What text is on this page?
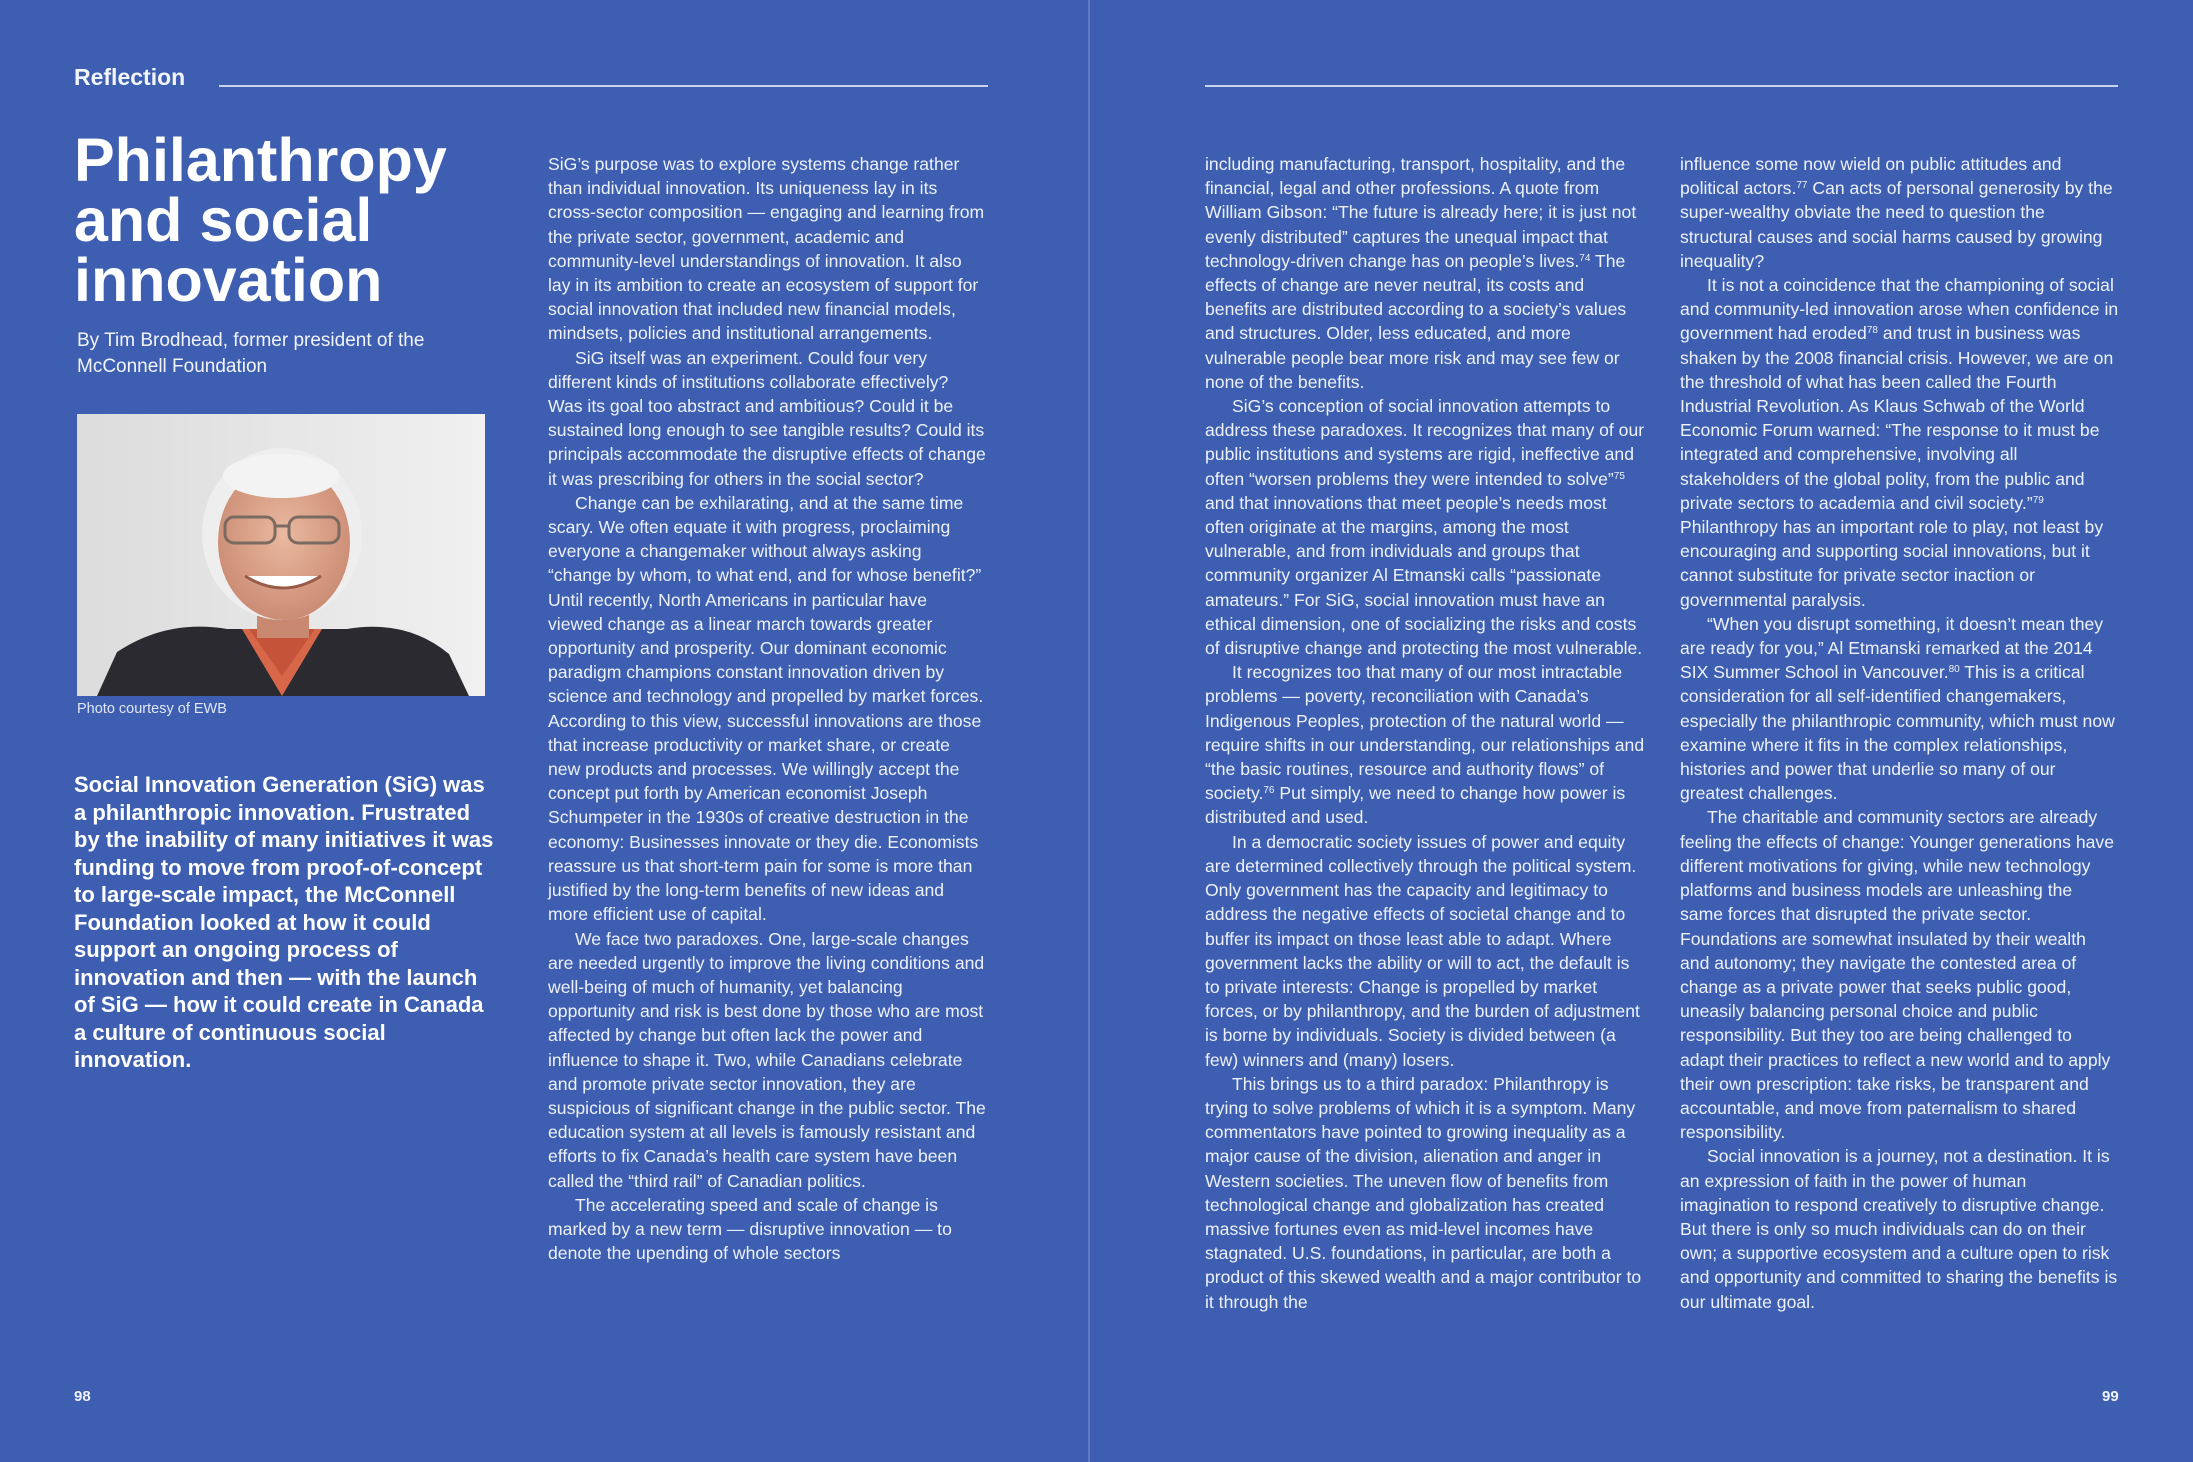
Reflection
Philanthropy and social innovation
By Tim Brodhead, former president of the McConnell Foundation
Photo courtesy of EWB
Social Innovation Generation (SiG) was a philanthropic innovation. Frustrated by the inability of many initiatives it was funding to move from proof-of-concept to large-scale impact, the McConnell Foundation looked at how it could support an ongoing process of innovation and then — with the launch of SiG — how it could create in Canada a culture of continuous social innovation.

SiG’s purpose was to explore systems change rather than individual innovation. Its uniqueness lay in its cross-sector composition — engaging and learning from the private sector, government, academic and community-level understandings of innovation. It also lay in its ambition to create an ecosystem of support for social innovation that included new financial models, mindsets, policies and institutional arrangements.

SiG itself was an experiment. Could four very different kinds of institutions collaborate effectively? Was its goal too abstract and ambitious? Could it be sustained long enough to see tangible results? Could its principals accommodate the disruptive effects of change it was prescribing for others in the social sector?

Change can be exhilarating, and at the same time scary. We often equate it with progress, proclaiming everyone a changemaker without always asking “change by whom, to what end, and for whose benefit?” Until recently, North Americans in particular have viewed change as a linear march towards greater opportunity and prosperity. Our dominant economic paradigm champions constant innovation driven by science and technology and propelled by market forces. According to this view, successful innovations are those that increase productivity or market share, or create new products and processes. We willingly accept the concept put forth by American economist Joseph Schumpeter in the 1930s of creative destruction in the economy: Businesses innovate or they die. Economists reassure us that short-term pain for some is more than justified by the long-term benefits of new ideas and more efficient use of capital.

We face two paradoxes. One, large-scale changes are needed urgently to improve the living conditions and well-being of much of humanity, yet balancing opportunity and risk is best done by those who are most affected by change but often lack the power and influence to shape it. Two, while Canadians celebrate and promote private sector innovation, they are suspicious of significant change in the public sector. The education system at all levels is famously resistant and efforts to fix Canada’s health care system have been called the “third rail” of Canadian politics.

The accelerating speed and scale of change is marked by a new term — disruptive innovation — to denote the upending of whole sectors

98	99

including manufacturing, transport, hospitality, and the financial, legal and other professions. A quote from William Gibson: “The future is already here; it is just not evenly distributed” captures the unequal impact that technology-driven change has on people’s lives.$^{74}$ The effects of change are never neutral, its costs and benefits are distributed according to a society’s values and structures. Older, less educated, and more vulnerable people bear more risk and may see few or none of the benefits.

SiG’s conception of social innovation attempts to address these paradoxes. It recognizes that many of our public institutions and systems are rigid, ineffective and often “worsen problems they were intended to solve”$^{75}$ and that innovations that meet people’s needs most often originate at the margins, among the most vulnerable, and from individuals and groups that community organizer Al Etmanski calls “passionate amateurs.” For SiG, social innovation must have an ethical dimension, one of socializing the risks and costs of disruptive change and protecting the most vulnerable.

It recognizes too that many of our most intractable problems — poverty, reconciliation with Canada’s Indigenous Peoples, protection of the natural world — require shifts in our understanding, our relationships and “the basic routines, resource and authority flows” of society.$^{76}$ Put simply, we need to change how power is distributed and used.

In a democratic society issues of power and equity are determined collectively through the political system. Only government has the capacity and legitimacy to address the negative effects of societal change and to buffer its impact on those least able to adapt. Where government lacks the ability or will to act, the default is to private interests: Change is propelled by market forces, or by philanthropy, and the burden of adjustment is borne by individuals. Society is divided between (a few) winners and (many) losers.

This brings us to a third paradox: Philanthropy is trying to solve problems of which it is a symptom. Many commentators have pointed to growing inequality as a major cause of the division, alienation and anger in Western societies. The uneven flow of benefits from technological change and globalization has created massive fortunes even as mid-level incomes have stagnated. U.S. foundations, in particular, are both a product of this skewed wealth and a major contributor to it through the

influence some now wield on public attitudes and political actors.$^{77}$ Can acts of personal generosity by the super-wealthy obviate the need to question the structural causes and social harms caused by growing inequality?

It is not a coincidence that the championing of social and community-led innovation arose when confidence in government had eroded$^{78}$ and trust in business was shaken by the 2008 financial crisis. However, we are on the threshold of what has been called the Fourth Industrial Revolution. As Klaus Schwab of the World Economic Forum warned: “The response to it must be integrated and comprehensive, involving all stakeholders of the global polity, from the public and private sectors to academia and civil society.”$^{79}$ Philanthropy has an important role to play, not least by encouraging and supporting social innovations, but it cannot substitute for private sector inaction or governmental paralysis.

“When you disrupt something, it doesn’t mean they are ready for you,” Al Etmanski remarked at the 2014 SIX Summer School in Vancouver.$^{80}$ This is a critical consideration for all self-identified changemakers, especially the philanthropic community, which must now examine where it fits in the complex relationships, histories and power that underlie so many of our greatest challenges.

The charitable and community sectors are already feeling the effects of change: Younger generations have different motivations for giving, while new technology platforms and business models are unleashing the same forces that disrupted the private sector. Foundations are somewhat insulated by their wealth and autonomy; they navigate the contested area of change as a private power that seeks public good, uneasily balancing personal choice and public responsibility. But they too are being challenged to adapt their practices to reflect a new world and to apply their own prescription: take risks, be transparent and accountable, and move from paternalism to shared responsibility.

Social innovation is a journey, not a destination. It is an expression of faith in the power of human imagination to respond creatively to disruptive change. But there is only so much individuals can do on their own; a supportive ecosystem and a culture open to risk and opportunity and committed to sharing the benefits is our ultimate goal.
